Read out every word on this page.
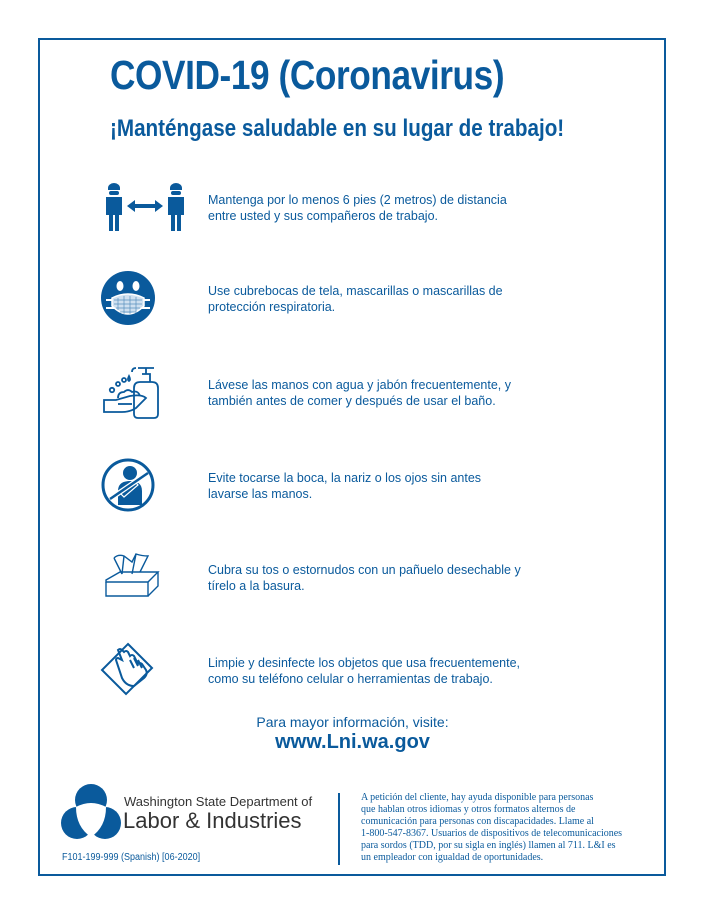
COVID-19 (Coronavirus)
¡Manténgase saludable en su lugar de trabajo!
Mantenga por lo menos 6 pies (2 metros) de distancia
entre usted y sus compañeros de trabajo.
Use cubrebocas de tela, mascarillas o mascarillas de
protección respiratoria.
Lávese las manos con agua y jabón frecuentemente, y
también antes de comer y después de usar el baño.
Evite tocarse la boca, la nariz o los ojos sin antes
lavarse las manos.
Cubra su tos o estornudos con un pañuelo desechable y
tírelo a la basura.
Limpie y desinfecte los objetos que usa frecuentemente,
como su teléfono celular o herramientas de trabajo.
Para mayor información, visite:
www.Lni.wa.gov
Washington State Department of
Labor & Industries
F101-199-999 (Spanish) [06-2020]
A petición del cliente, hay ayuda disponible para personas
que hablan otros idiomas y otros formatos alternos de
comunicación para personas con discapacidades. Llame al
1-800-547-8367. Usuarios de dispositivos de telecomunicaciones
para sordos (TDD, por su sigla en inglés) llamen al 711. L&I es
un empleador con igualdad de oportunidades.
